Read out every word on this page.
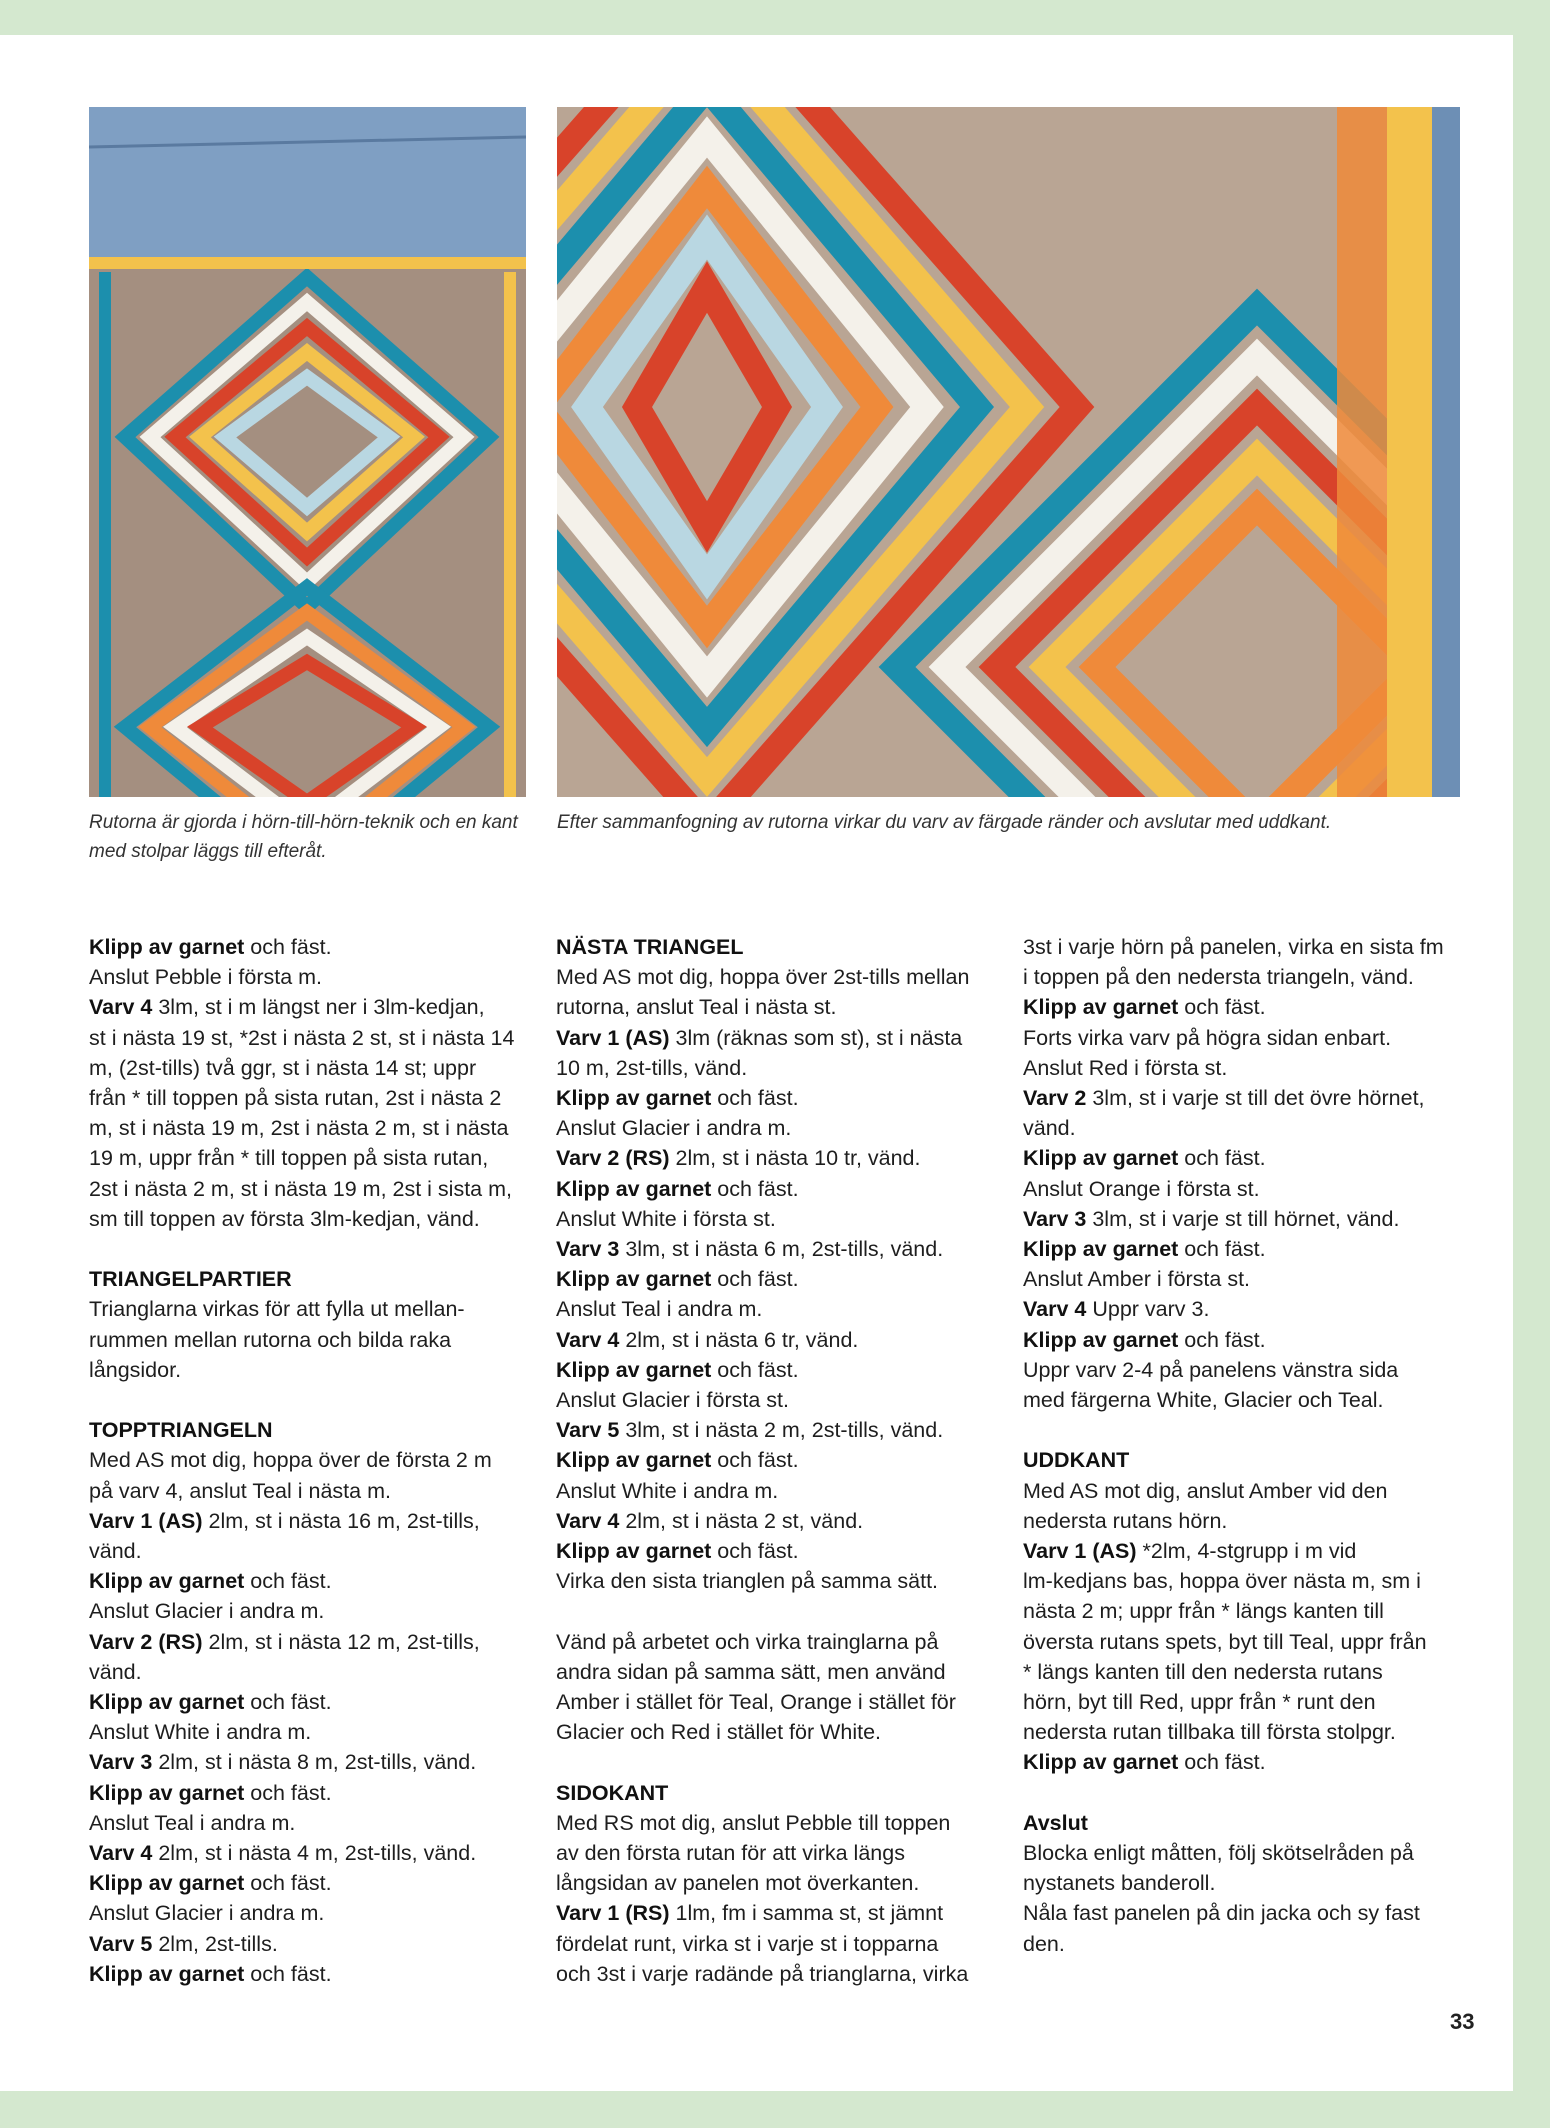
Rutorna är gjorda i hörn-till-hörn-teknik och en kant med stolpar läggs till efteråt.
Efter sammanfogning av rutorna virkar du varv av färgade ränder och avslutar med uddkant.
Klipp av garnet och fäst.
Anslut Pebble i första m.
Varv 4 3lm, st i m längst ner i 3lm-kedjan,
st i nästa 19 st, *2st i nästa 2 st, st i nästa 14
m, (2st-tills) två ggr, st i nästa 14 st; uppr
från * till toppen på sista rutan, 2st i nästa 2
m, st i nästa 19 m, 2st i nästa 2 m, st i nästa
19 m, uppr från * till toppen på sista rutan,
2st i nästa 2 m, st i nästa 19 m, 2st i sista m,
sm till toppen av första 3lm-kedjan, vänd.
TRIANGELPARTIER
Trianglarna virkas för att fylla ut mellan-
rummen mellan rutorna och bilda raka
långsidor.
TOPPTRIANGELN
Med AS mot dig, hoppa över de första 2 m
på varv 4, anslut Teal i nästa m.
Varv 1 (AS) 2lm, st i nästa 16 m, 2st-tills,
vänd.
Klipp av garnet och fäst.
Anslut Glacier i andra m.
Varv 2 (RS) 2lm, st i nästa 12 m, 2st-tills,
vänd.
Klipp av garnet och fäst.
Anslut White i andra m.
Varv 3 2lm, st i nästa 8 m, 2st-tills, vänd.
Klipp av garnet och fäst.
Anslut Teal i andra m.
Varv 4 2lm, st i nästa 4 m, 2st-tills, vänd.
Klipp av garnet och fäst.
Anslut Glacier i andra m.
Varv 5 2lm, 2st-tills.
Klipp av garnet och fäst.
NÄSTA TRIANGEL
Med AS mot dig, hoppa över 2st-tills mellan
rutorna, anslut Teal i nästa st.
Varv 1 (AS) 3lm (räknas som st), st i nästa
10 m, 2st-tills, vänd.
Klipp av garnet och fäst.
Anslut Glacier i andra m.
Varv 2 (RS) 2lm, st i nästa 10 tr, vänd.
Klipp av garnet och fäst.
Anslut White i första st.
Varv 3 3lm, st i nästa 6 m, 2st-tills, vänd.
Klipp av garnet och fäst.
Anslut Teal i andra m.
Varv 4 2lm, st i nästa 6 tr, vänd.
Klipp av garnet och fäst.
Anslut Glacier i första st.
Varv 5 3lm, st i nästa 2 m, 2st-tills, vänd.
Klipp av garnet och fäst.
Anslut White i andra m.
Varv 4 2lm, st i nästa 2 st, vänd.
Klipp av garnet och fäst.
Virka den sista trianglen på samma sätt.
Vänd på arbetet och virka trainglarna på
andra sidan på samma sätt, men använd
Amber i stället för Teal, Orange i stället för
Glacier och Red i stället för White.
SIDOKANT
Med RS mot dig, anslut Pebble till toppen
av den första rutan för att virka längs
långsidan av panelen mot överkanten.
Varv 1 (RS) 1lm, fm i samma st, st jämnt
fördelat runt, virka st i varje st i topparna
och 3st i varje radände på trianglarna, virka
3st i varje hörn på panelen, virka en sista fm
i toppen på den nedersta triangeln, vänd.
Klipp av garnet och fäst.
Forts virka varv på högra sidan enbart.
Anslut Red i första st.
Varv 2 3lm, st i varje st till det övre hörnet,
vänd.
Klipp av garnet och fäst.
Anslut Orange i första st.
Varv 3 3lm, st i varje st till hörnet, vänd.
Klipp av garnet och fäst.
Anslut Amber i första st.
Varv 4 Uppr varv 3.
Klipp av garnet och fäst.
Uppr varv 2-4 på panelens vänstra sida
med färgerna White, Glacier och Teal.
UDDKANT
Med AS mot dig, anslut Amber vid den
nedersta rutans hörn.
Varv 1 (AS) *2lm, 4-stgrupp i m vid
lm-kedjans bas, hoppa över nästa m, sm i
nästa 2 m; uppr från * längs kanten till
översta rutans spets, byt till Teal, uppr från
* längs kanten till den nedersta rutans
hörn, byt till Red, uppr från * runt den
nedersta rutan tillbaka till första stolpgr.
Klipp av garnet och fäst.
Avslut
Blocka enligt måtten, följ skötselråden på
nystanets banderoll.
Nåla fast panelen på din jacka och sy fast
den.
33
